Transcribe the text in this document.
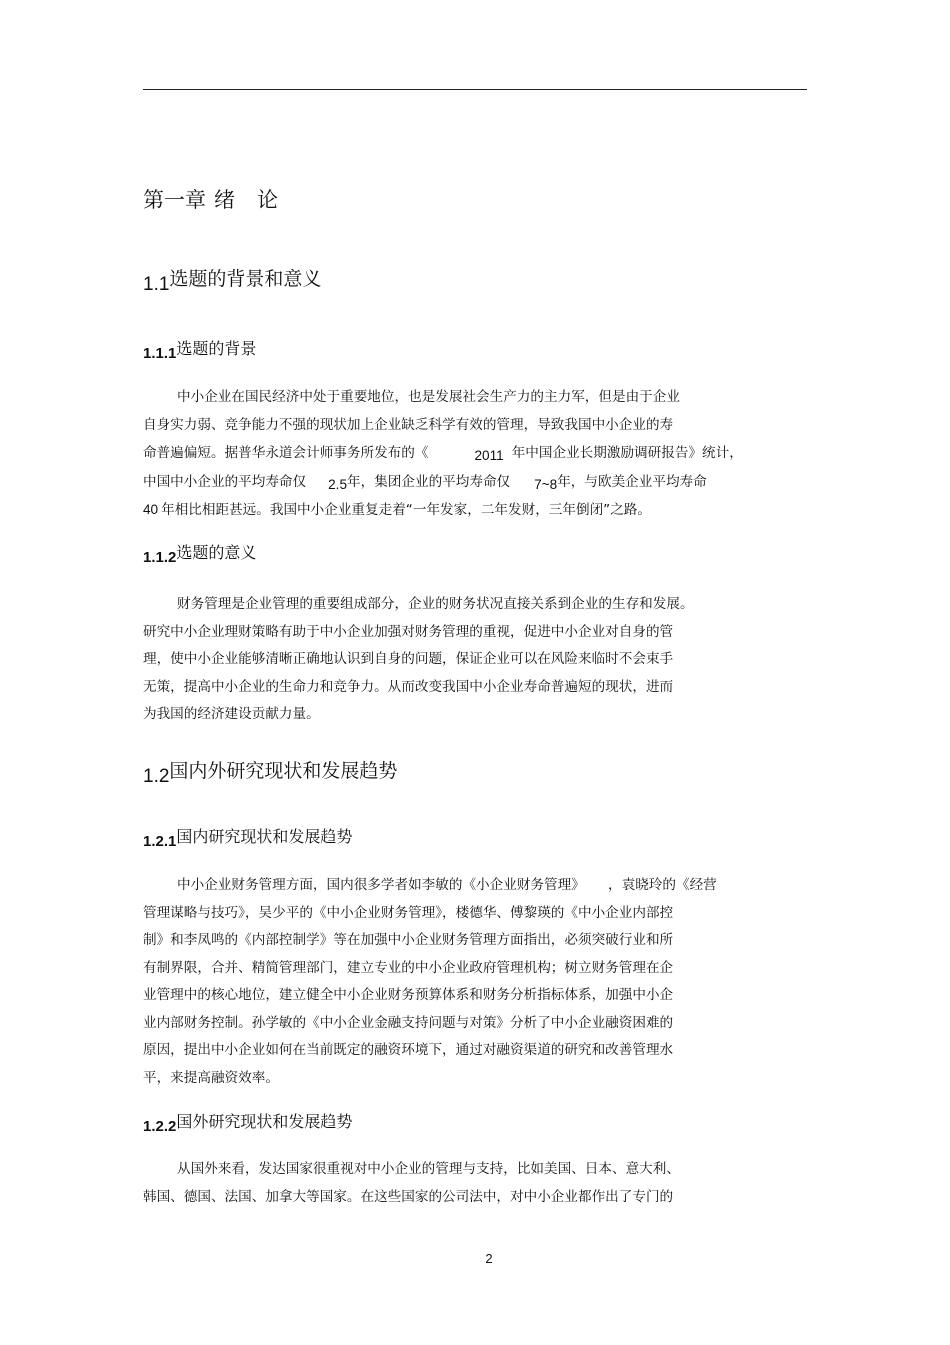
第一章 绪 论
1.1选题的背景和意义
1.1.1选题的背景
中小企业在国民经济中处于重要地位，也是发展社会生产力的主力军，但是由于企业
自身实力弱、竞争能力不强的现状加上企业缺乏科学有效的管理，导致我国中小企业的寿
命普遍偏短。据普华永道会计师事务所发布的《	2011 年中国企业长期激励调研报告》统计，
中国中小企业的平均寿命仅 2.5年，集团企业的平均寿命仅 7~8年，与欧美企业平均寿命
40 年相比相距甚远。我国中小企业重复走着“一年发家，二年发财，三年倒闭”之路。
1.1.2选题的意义
财务管理是企业管理的重要组成部分，企业的财务状况直接关系到企业的生存和发展。
研究中小企业理财策略有助于中小企业加强对财务管理的重视，促进中小企业对自身的管
理，使中小企业能够清晰正确地认识到自身的问题，保证企业可以在风险来临时不会束手
无策，提高中小企业的生命力和竞争力。从而改变我国中小企业寿命普遍短的现状，进而
为我国的经济建设贡献力量。
1.2国内外研究现状和发展趋势
1.2.1国内研究现状和发展趋势
中小企业财务管理方面，国内很多学者如李敏的《小企业财务管理》 ，袁晓玲的《经营
管理谋略与技巧》，吴少平的《中小企业财务管理》，楼德华、傅黎瑛的《中小企业内部控
制》和李凤鸣的《内部控制学》等在加强中小企业财务管理方面指出，必须突破行业和所
有制界限，合并、精简管理部门，建立专业的中小企业政府管理机构；树立财务管理在企
业管理中的核心地位，建立健全中小企业财务预算体系和财务分析指标体系，加强中小企
业内部财务控制。孙学敏的《中小企业金融支持问题与对策》分析了中小企业融资困难的
原因，提出中小企业如何在当前既定的融资环境下，通过对融资渠道的研究和改善管理水
平，来提高融资效率。
1.2.2国外研究现状和发展趋势
从国外来看，发达国家很重视对中小企业的管理与支持，比如美国、日本、意大利、
韩国、德国、法国、加拿大等国家。在这些国家的公司法中，对中小企业都作出了专门的
2
